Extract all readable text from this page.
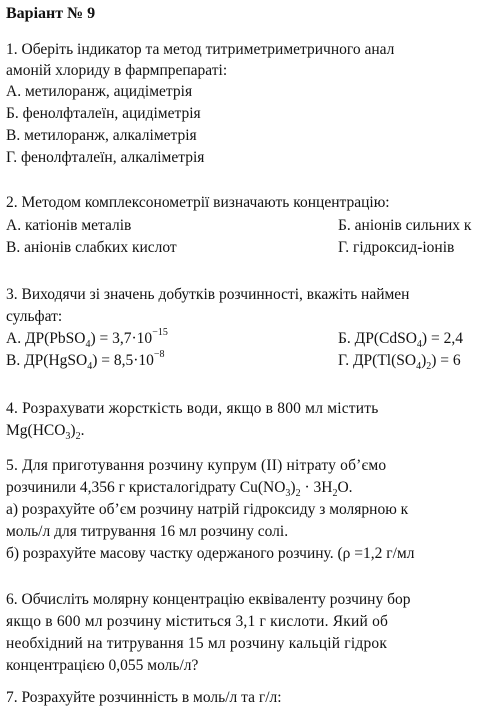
Варіант № 9
1. Оберіть індикатор та метод титриметриметричного анал
амоній хлориду в фармпрепараті:
А. метилоранж, ацидіметрія
Б. фенолфталеїн, ацидіметрія
В. метилоранж, алкаліметрія
Г. фенолфталеїн, алкаліметрія
2. Методом комплексонометрії визначають концентрацію:
А. катіонів металів	Б. аніонів сильних к
В. аніонів слабких кислот	Г. гідроксид-іонів
3. Виходячи зі значень добутків розчинності, вкажіть наймен
сульфат:
А. ДР(PbSO$_4$) = $3,7\cdot 10^{-15}$	Б. ДР(CdSO$_4$) = 2,4
В. ДР(HgSO$_4$) = $8,5\cdot 10^{-8}$	Г. $ДР(Tl(SO_4)_2) = 6$
4. Розрахувати жорсткість води, якщо в 800 мл містить
$Mg(HCO_3)_2$.
5. Для приготування розчину купрум (ІІ) нітрату об’ємо
розчинили 4,356 г кристалогідрату $Cu(NO_3)_2 \cdot 3H_2O$.
а) розрахуйте об’єм розчину натрій гідроксиду з молярною к
моль/л для титрування 16 мл розчину солі.
б) розрахуйте масову частку одержаного розчину. (ρ =1,2 г/мл
6. Обчисліть молярну концентрацію еквіваленту розчину бор
якщо в 600 мл розчину міститься 3,1 г кислоти. Який об
необхідний на титрування 15 мл розчину кальцій гідрок
концентрацією 0,055 моль/л?
7. Розрахуйте розчинність в моль/л та г/л:
